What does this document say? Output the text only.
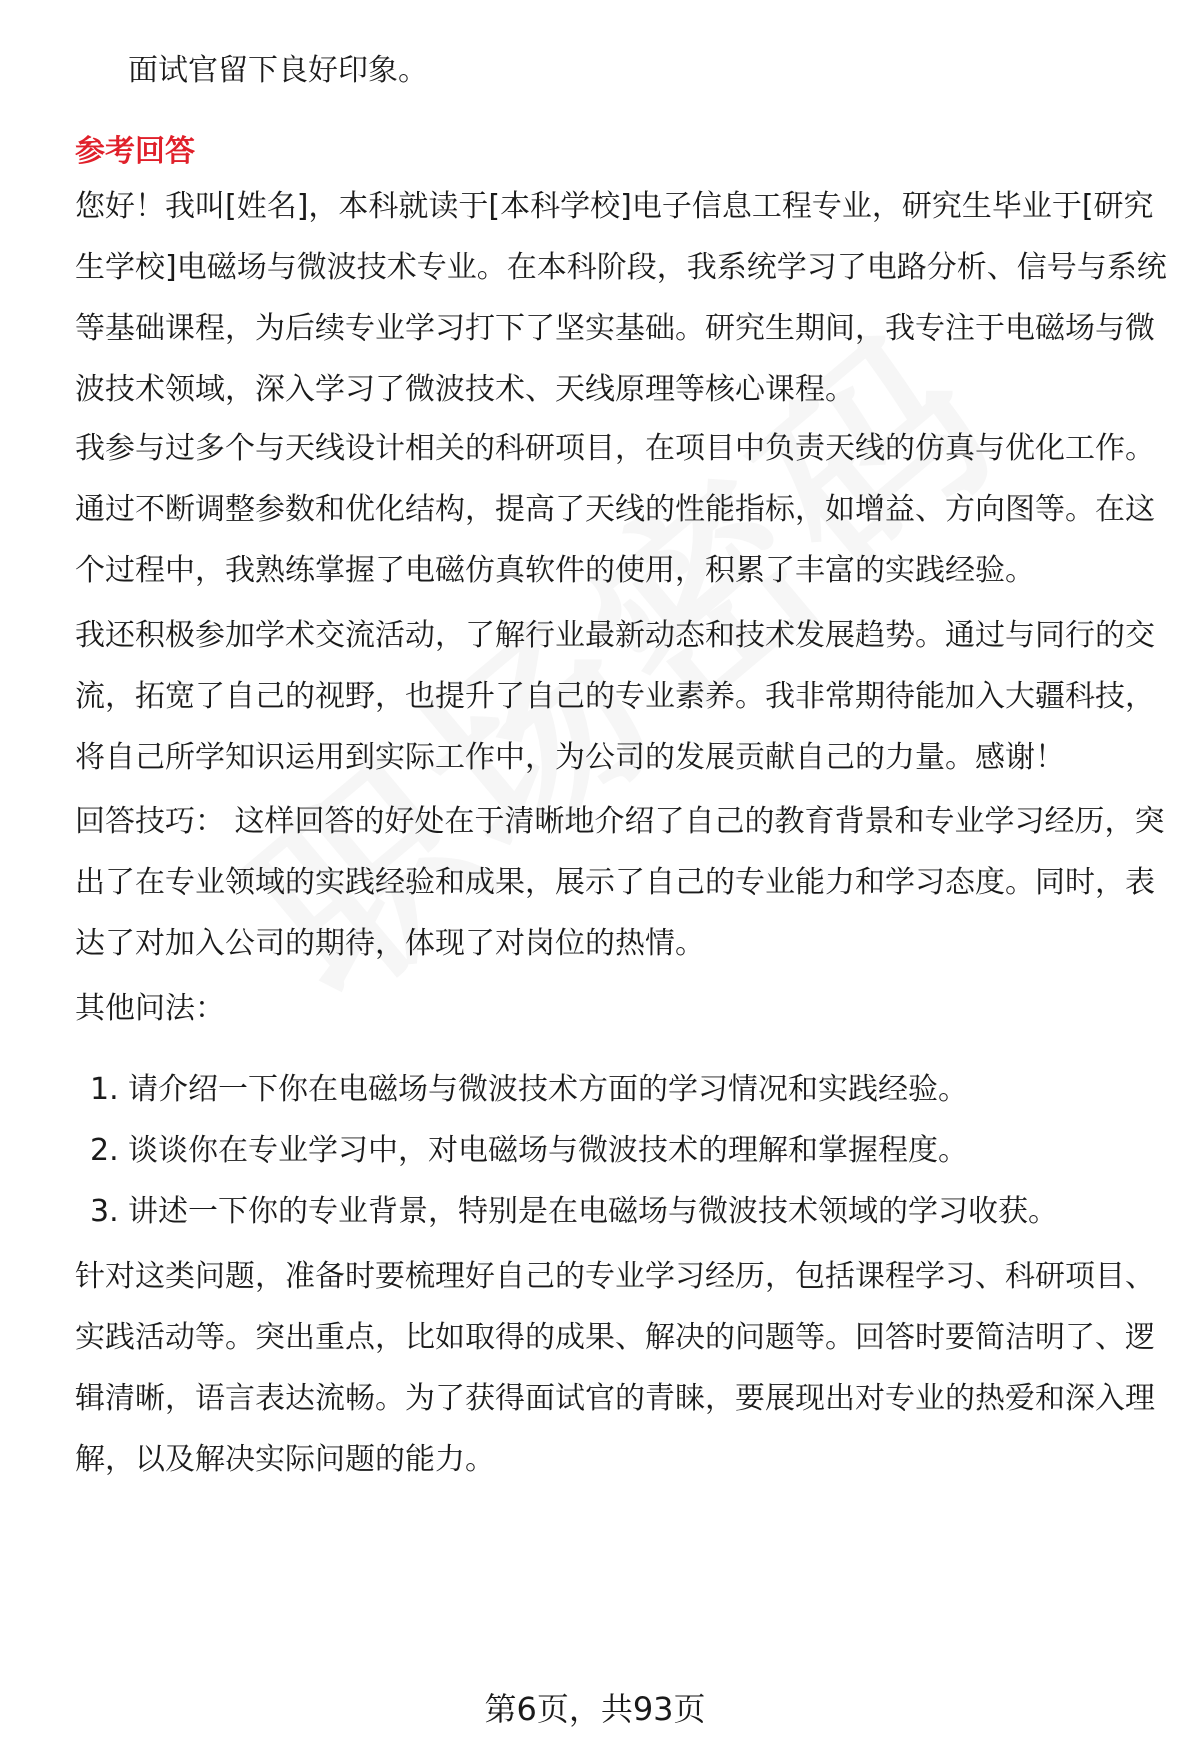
面试官留下良好印象。

参考回答

您好！我叫[姓名]，本科就读于[本科学校]电子信息工程专业，研究生毕业于[研究

生学校]电磁场与微波技术专业。在本科阶段，我系统学习了电路分析、信号与系统

等基础课程，为后续专业学习打下了坚实基础。研究生期间，我专注于电磁场与微

波技术领域，深入学习了微波技术、天线原理等核心课程。

我参与过多个与天线设计相关的科研项目，在项目中负责天线的仿真与优化工作。

通过不断调整参数和优化结构，提高了天线的性能指标，如增益、方向图等。在这

个过程中，我熟练掌握了电磁仿真软件的使用，积累了丰富的实践经验。

我还积极参加学术交流活动，了解行业最新动态和技术发展趋势。通过与同行的交

流，拓宽了自己的视野，也提升了自己的专业素养。我非常期待能加入大疆科技，

将自己所学知识运用到实际工作中，为公司的发展贡献自己的力量。感谢！

回答技巧： 这样回答的好处在于清晰地介绍了自己的教育背景和专业学习经历，突

出了在专业领域的实践经验和成果，展示了自己的专业能力和学习态度。同时，表

达了对加入公司的期待，体现了对岗位的热情。

其他问法：

1. 请介绍一下你在电磁场与微波技术方面的学习情况和实践经验。
2. 谈谈你在专业学习中，对电磁场与微波技术的理解和掌握程度。
3. 讲述一下你的专业背景，特别是在电磁场与微波技术领域的学习收获。

针对这类问题，准备时要梳理好自己的专业学习经历，包括课程学习、科研项目、

实践活动等。突出重点，比如取得的成果、解决的问题等。回答时要简洁明了、逻

辑清晰，语言表达流畅。为了获得面试官的青睐，要展现出对专业的热爱和深入理

解，以及解决实际问题的能力。

第6页，共93页
